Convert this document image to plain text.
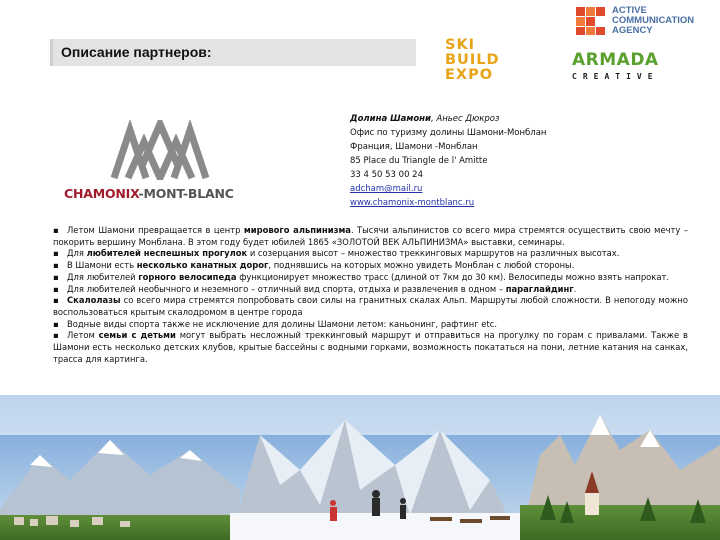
Описание партнеров:
ACTIVE
COMMUNICATION
AGENCY
SKI
BUILD
EXPO
ARMADA
CREATIVE
CHAMONIX-MONT-BLANC
Долина Шамони, Аньес Дюкроз
Офис по туризму долины Шамони-Монблан
Франция, Шамони -Монблан
85 Place du Triangle de l' Amitte
33 4 50 53 00 24
adcham@mail.ru
www.chamonix-montblanc.ru

▪ Летом Шамони превращается в центр мирового альпинизма. Тысячи альпинистов со всего мира стремятся осуществить свою мечту – покорить вершину Монблана. В этом году будет юбилей 1865 «ЗОЛОТОЙ ВЕК АЛЬПИНИЗМА» выставки, семинары.

▪ Для любителей неспешных прогулок и созерцания высот – множество треккинговых маршрутов на различных высотах.

▪ В Шамони есть несколько канатных дорог, поднявшись на которых можно увидеть Монблан с любой стороны.

▪ Для любителей горного велосипеда функционирует множество трасс (длиной от 7км до 30 км). Велосипеды можно взять напрокат.

▪ Для любителей необычного и неземного – отличный вид спорта, отдыха и развлечения в одном – параглайдинг.

▪ Скалолазы со всего мира стремятся попробовать свои силы на гранитных скалах Альп. Маршруты любой сложности. В непогоду можно воспользоваться крытым скалодромом в центре города

▪ Водные виды спорта также не исключение для долины Шамони летом: каньонинг, рафтинг etc.

▪ Летом семьи с детьми могут выбрать несложный треккинговый маршрут и отправиться на прогулку по горам с привалами. Также в Шамони есть несколько детских клубов, крытые бассейны с водными горками, возможность покататься на пони, летние катания на санках, трасса для картинга.
